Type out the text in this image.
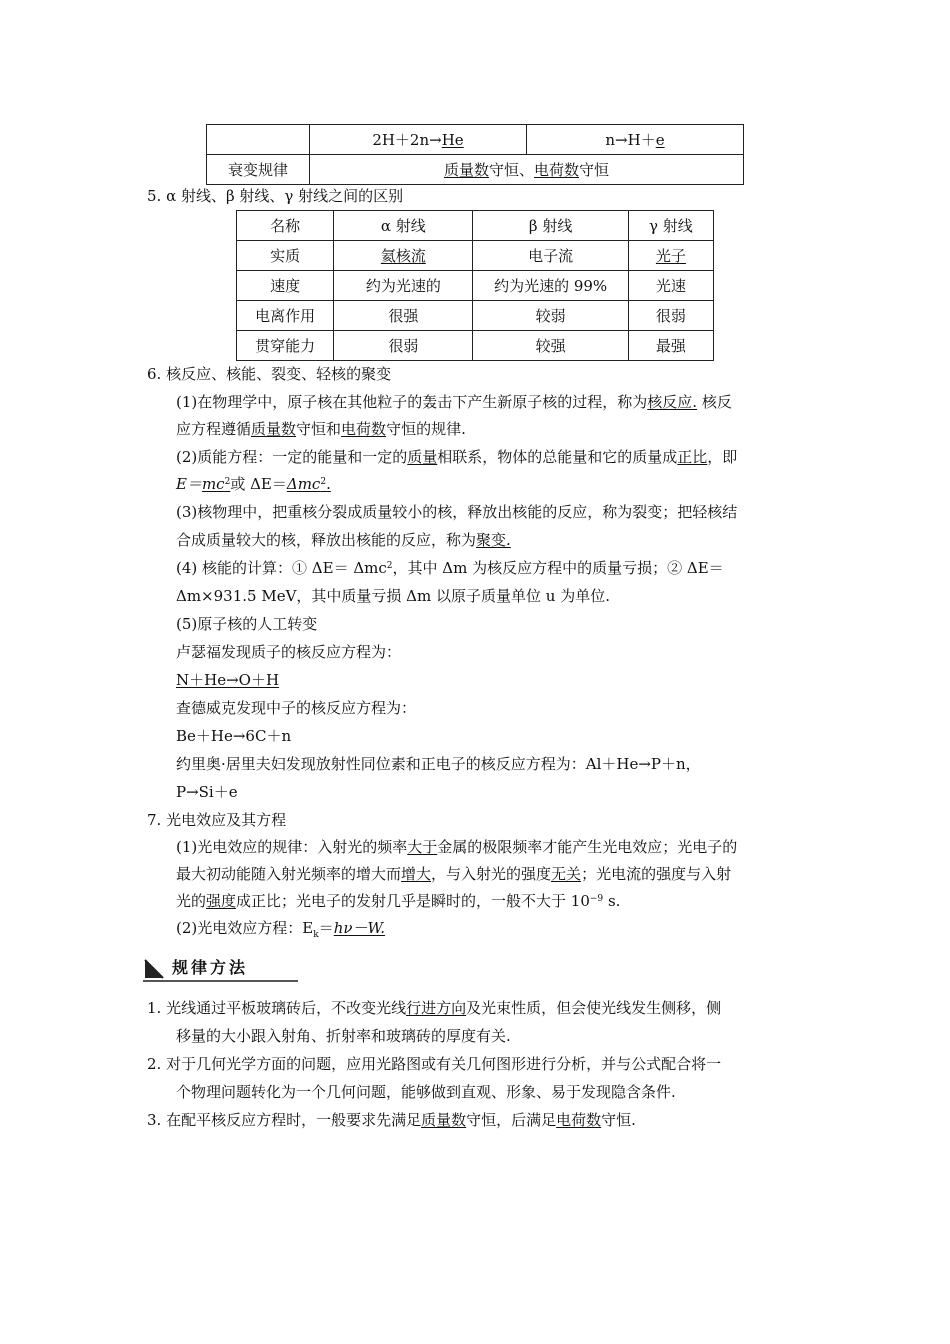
	2H＋2n→He	n→H＋e
衰变规律	质量数守恒、电荷数守恒	
5. α 射线、β 射线、γ 射线之间的区别
名称	α 射线	β 射线	γ 射线
实质	氦核流	电子流	光子
速度	约为光速的	约为光速的 99%	光速
电离作用	很强	较弱	很弱
贯穿能力	很弱	较强	最强
6. 核反应、核能、裂变、轻核的聚变
(1)在物理学中，原子核在其他粒子的轰击下产生新原子核的过程，称为核反应. 核反
应方程遵循质量数守恒和电荷数守恒的规律.
(2)质能方程：一定的能量和一定的质量相联系，物体的总能量和它的质量成正比，即
$E=mc^2$或 ΔE＝Δmc$^2$.
(3)核物理中，把重核分裂成质量较小的核，释放出核能的反应，称为裂变；把轻核结
合成质量较大的核，释放出核能的反应，称为聚变.
(4) 核能的计算：① ΔE＝ Δmc$^2$，其中 Δm 为核反应方程中的质量亏损；② ΔE＝
Δm×931.5 MeV，其中质量亏损 Δm 以原子质量单位 u 为单位.
(5)原子核的人工转变
卢瑟福发现质子的核反应方程为：
N＋He→O＋H
查德威克发现中子的核反应方程为：
Be＋He→6C＋n
约里奥·居里夫妇发现放射性同位素和正电子的核反应方程为：Al＋He→P＋n，
P→Si＋e
7. 光电效应及其方程
(1)光电效应的规律：入射光的频率大于金属的极限频率才能产生光电效应；光电子的
最大初动能随入射光频率的增大而增大，与入射光的强度无关；光电流的强度与入射
光的强度成正比；光电子的发射几乎是瞬时的，一般不大于 $10^{-9}$ s.
(2)光电效应方程：$E_k=h\nu-W$.
规律方法
1. 光线通过平板玻璃砖后，不改变光线行进方向及光束性质，但会使光线发生侧移，侧
移量的大小跟入射角、折射率和玻璃砖的厚度有关.
2. 对于几何光学方面的问题，应用光路图或有关几何图形进行分析，并与公式配合将一
个物理问题转化为一个几何问题，能够做到直观、形象、易于发现隐含条件.
3. 在配平核反应方程时，一般要求先满足质量数守恒，后满足电荷数守恒.
